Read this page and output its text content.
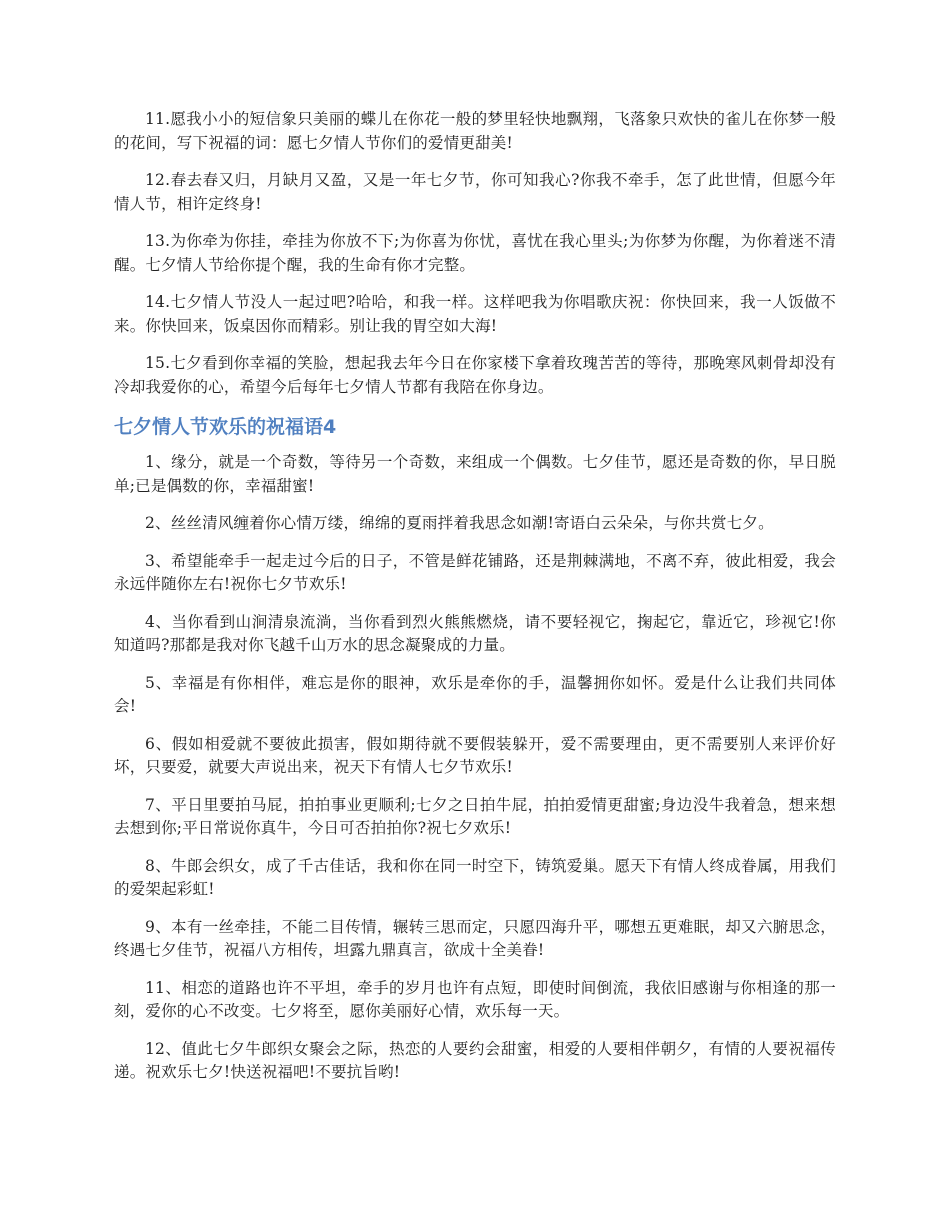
11.愿我小小的短信象只美丽的蝶儿在你花一般的梦里轻快地飘翔，飞落象只欢快的雀儿在你梦一般的花间，写下祝福的词：愿七夕情人节你们的爱情更甜美!

12.春去春又归，月缺月又盈，又是一年七夕节，你可知我心?你我不牵手，怎了此世情，但愿今年情人节，相许定终身!

13.为你牵为你挂，牵挂为你放不下;为你喜为你忧，喜忧在我心里头;为你梦为你醒，为你着迷不清醒。七夕情人节给你提个醒，我的生命有你才完整。

14.七夕情人节没人一起过吧?哈哈，和我一样。这样吧我为你唱歌庆祝：你快回来，我一人饭做不来。你快回来，饭桌因你而精彩。别让我的胃空如大海!

15.七夕看到你幸福的笑脸，想起我去年今日在你家楼下拿着玫瑰苦苦的等待，那晚寒风刺骨却没有冷却我爱你的心，希望今后每年七夕情人节都有我陪在你身边。

七夕情人节欢乐的祝福语4

1、缘分，就是一个奇数，等待另一个奇数，来组成一个偶数。七夕佳节，愿还是奇数的你，早日脱单;已是偶数的你，幸福甜蜜!

2、丝丝清风缠着你心情万缕，绵绵的夏雨拌着我思念如潮!寄语白云朵朵，与你共赏七夕。

3、希望能牵手一起走过今后的日子，不管是鲜花铺路，还是荆棘满地，不离不弃，彼此相爱，我会永远伴随你左右!祝你七夕节欢乐!

4、当你看到山涧清泉流淌，当你看到烈火熊熊燃烧，请不要轻视它，掬起它，靠近它，珍视它!你知道吗?那都是我对你飞越千山万水的思念凝聚成的力量。

5、幸福是有你相伴，难忘是你的眼神，欢乐是牵你的手，温馨拥你如怀。爱是什么让我们共同体会!

6、假如相爱就不要彼此损害，假如期待就不要假装躲开，爱不需要理由，更不需要别人来评价好坏，只要爱，就要大声说出来，祝天下有情人七夕节欢乐!

7、平日里要拍马屁，拍拍事业更顺利;七夕之日拍牛屁，拍拍爱情更甜蜜;身边没牛我着急，想来想去想到你;平日常说你真牛，今日可否拍拍你?祝七夕欢乐!

8、牛郎会织女，成了千古佳话，我和你在同一时空下，铸筑爱巢。愿天下有情人终成眷属，用我们的爱架起彩虹!

9、本有一丝牵挂，不能二目传情，辗转三思而定，只愿四海升平，哪想五更难眠，却又六腑思念，终遇七夕佳节，祝福八方相传，坦露九鼎真言，欲成十全美眷!

11、相恋的道路也许不平坦，牵手的岁月也许有点短，即使时间倒流，我依旧感谢与你相逢的那一刻，爱你的心不改变。七夕将至，愿你美丽好心情，欢乐每一天。

12、值此七夕牛郎织女聚会之际，热恋的人要约会甜蜜，相爱的人要相伴朝夕，有情的人要祝福传递。祝欢乐七夕!快送祝福吧!不要抗旨哟!
